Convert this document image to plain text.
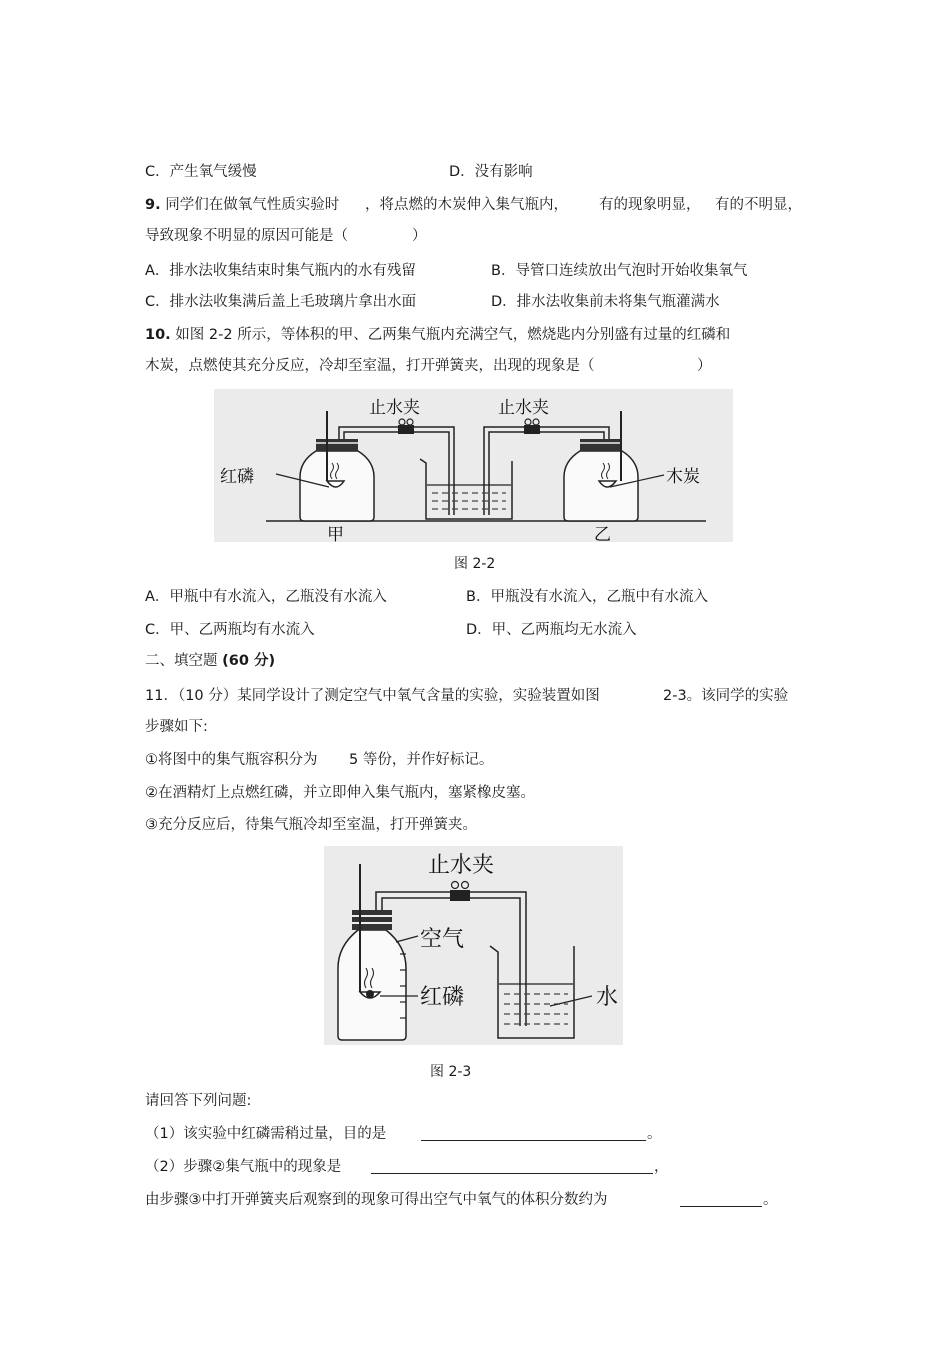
C．产生氧气缓慢	D．没有影响
9. 同学们在做氧气性质实验时 ，将点燃的木炭伸入集气瓶内， 有的现象明显， 有的不明显，
导致现象不明显的原因可能是（	）
A．排水法收集结束时集气瓶内的水有残留	B．导管口连续放出气泡时开始收集氧气
C．排水法收集满后盖上毛玻璃片拿出水面	D．排水法收集前未将集气瓶灌满水
10. 如图 2-2 所示，等体积的甲、乙两集气瓶内充满空气，燃烧匙内分别盛有过量的红磷和
木炭，点燃使其充分反应，冷却至室温，打开弹簧夹，出现的现象是（	）
止水夹	止水夹
红磷	木炭
甲	乙
图 2-2
A．甲瓶中有水流入，乙瓶没有水流入	B．甲瓶没有水流入，乙瓶中有水流入
C．甲、乙两瓶均有水流入	D．甲、乙两瓶均无水流入
二、填空题 (60 分)
11．（10 分）某同学设计了测定空气中氧气含量的实验，实验装置如图	2-3。该同学的实验
步骤如下:
①将图中的集气瓶容积分为 5 等份，并作好标记。
②在酒精灯上点燃红磷，并立即伸入集气瓶内，塞紧橡皮塞。
③充分反应后，待集气瓶冷却至室温，打开弹簧夹。
止水夹
空气
红磷	水
图 2-3
请回答下列问题:
（1）该实验中红磷需稍过量，目的是	。
（2）步骤②集气瓶中的现象是	，
由步骤③中打开弹簧夹后观察到的现象可得出空气中氧气的体积分数约为	。
